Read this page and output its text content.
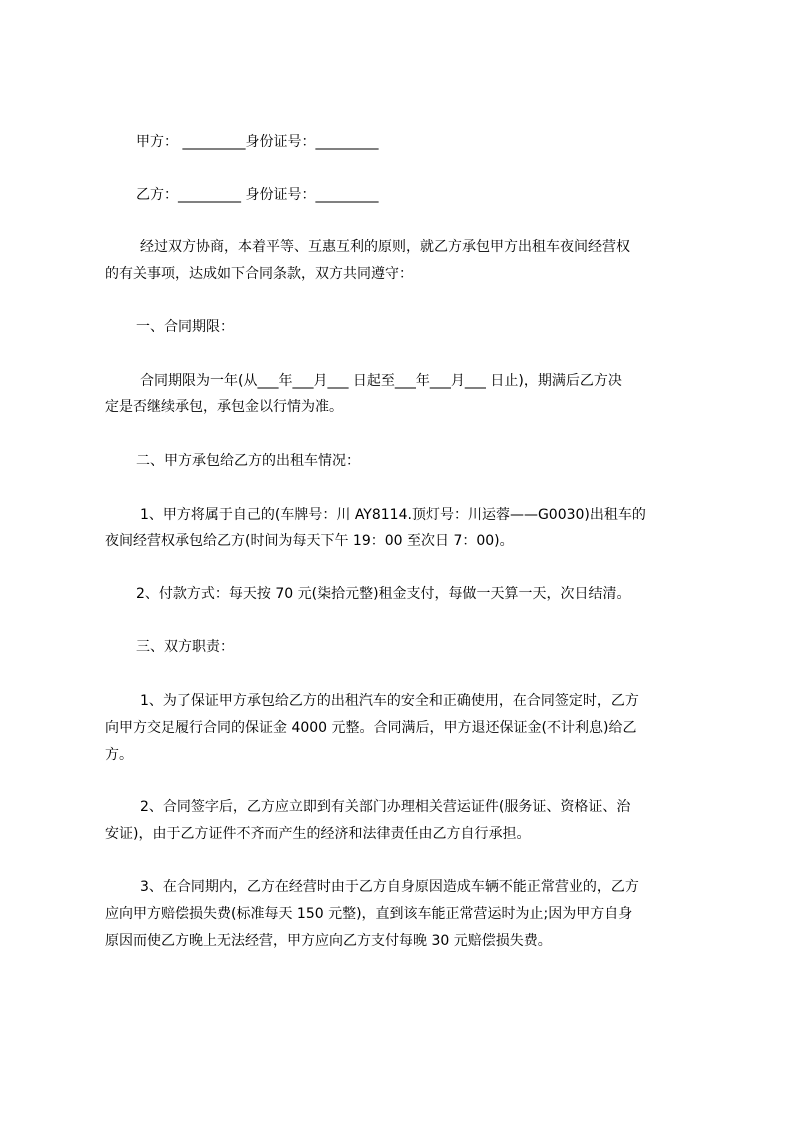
甲方： _________身份证号：_________

乙方：_________ 身份证号：_________

经过双方协商，本着平等、互惠互利的原则，就乙方承包甲方出租车夜间经营权

的有关事项，达成如下合同条款，双方共同遵守：

一、合同期限：

合同期限为一年(从___年___月___ 日起至___年___月___ 日止)，期满后乙方决

定是否继续承包，承包金以行情为准。

二、甲方承包给乙方的出租车情况：

1、甲方将属于自己的(车牌号：川 AY8114.顶灯号：川运蓉——G0030)出租车的

夜间经营权承包给乙方(时间为每天下午 19：00 至次日 7：00)。

2、付款方式：每天按 70 元(柒拾元整)租金支付，每做一天算一天，次日结清。

三、双方职责：

1、为了保证甲方承包给乙方的出租汽车的安全和正确使用，在合同签定时，乙方

向甲方交足履行合同的保证金 4000 元整。合同满后，甲方退还保证金(不计利息)给乙

方。

2、合同签字后，乙方应立即到有关部门办理相关营运证件(服务证、资格证、治

安证)，由于乙方证件不齐而产生的经济和法律责任由乙方自行承担。

3、在合同期内，乙方在经营时由于乙方自身原因造成车辆不能正常营业的，乙方

应向甲方赔偿损失费(标准每天 150 元整)，直到该车能正常营运时为止;因为甲方自身

原因而使乙方晚上无法经营，甲方应向乙方支付每晚 30 元赔偿损失费。
